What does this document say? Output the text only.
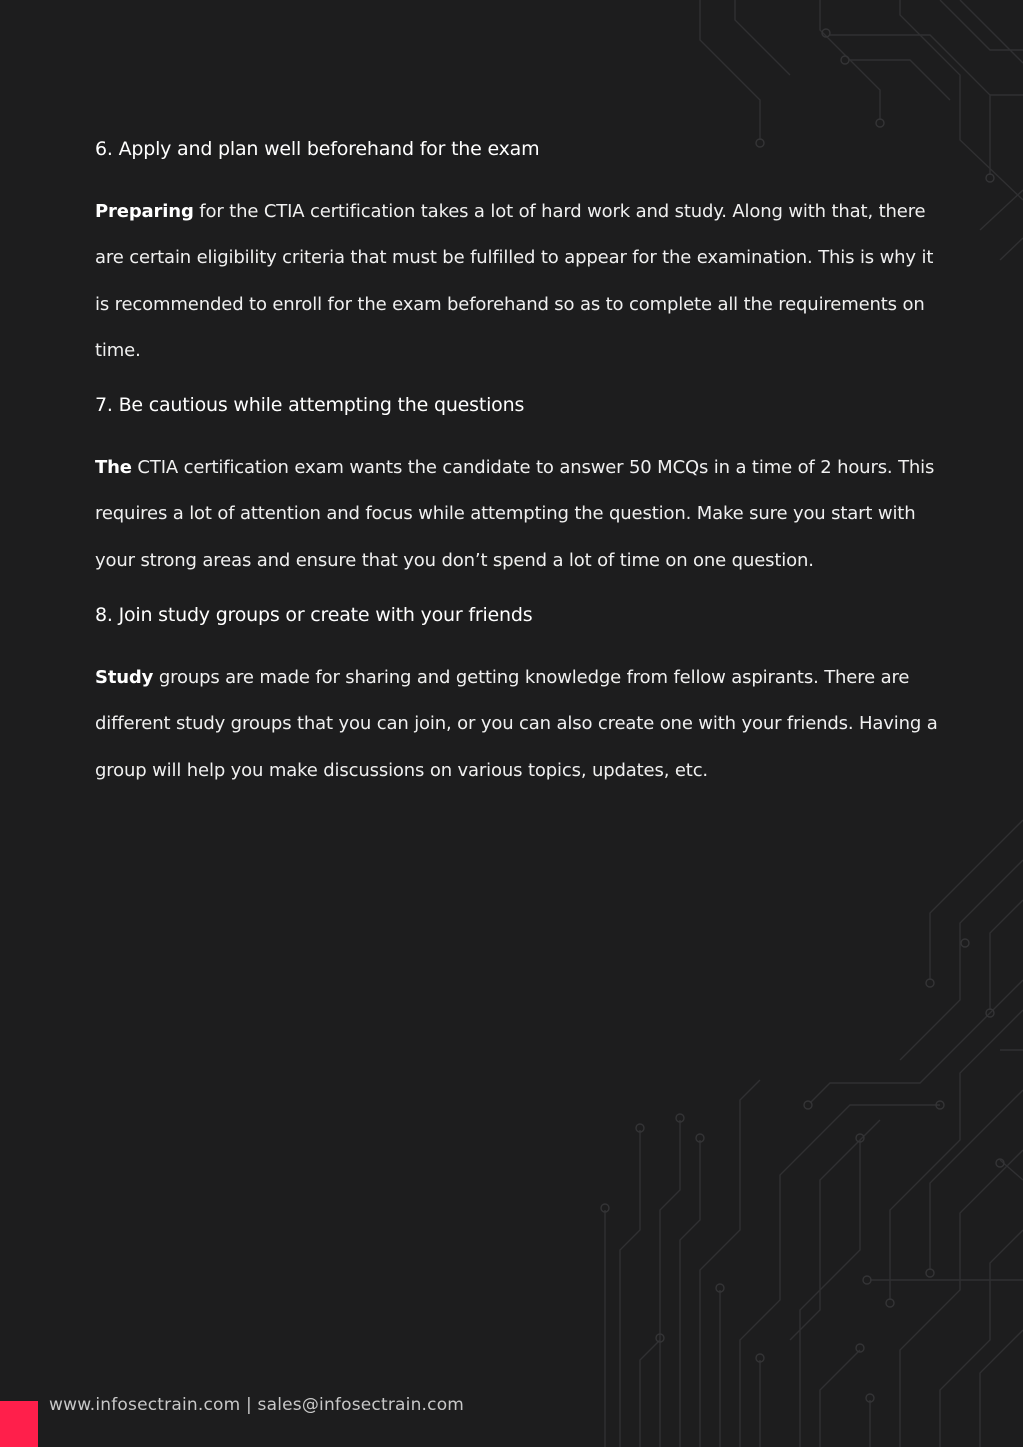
6. Apply and plan well beforehand for the exam

Preparing for the CTIA certification takes a lot of hard work and study. Along with that, there are certain eligibility criteria that must be fulfilled to appear for the examination. This is why it is recommended to enroll for the exam beforehand so as to complete all the requirements on time.

7. Be cautious while attempting the questions

The CTIA certification exam wants the candidate to answer 50 MCQs in a time of 2 hours. This requires a lot of attention and focus while attempting the question. Make sure you start with your strong areas and ensure that you don’t spend a lot of time on one question.

8. Join study groups or create with your friends

Study groups are made for sharing and getting knowledge from fellow aspirants. There are different study groups that you can join, or you can also create one with your friends. Having a group will help you make discussions on various topics, updates, etc.

www.infosectrain.com | sales@infosectrain.com
